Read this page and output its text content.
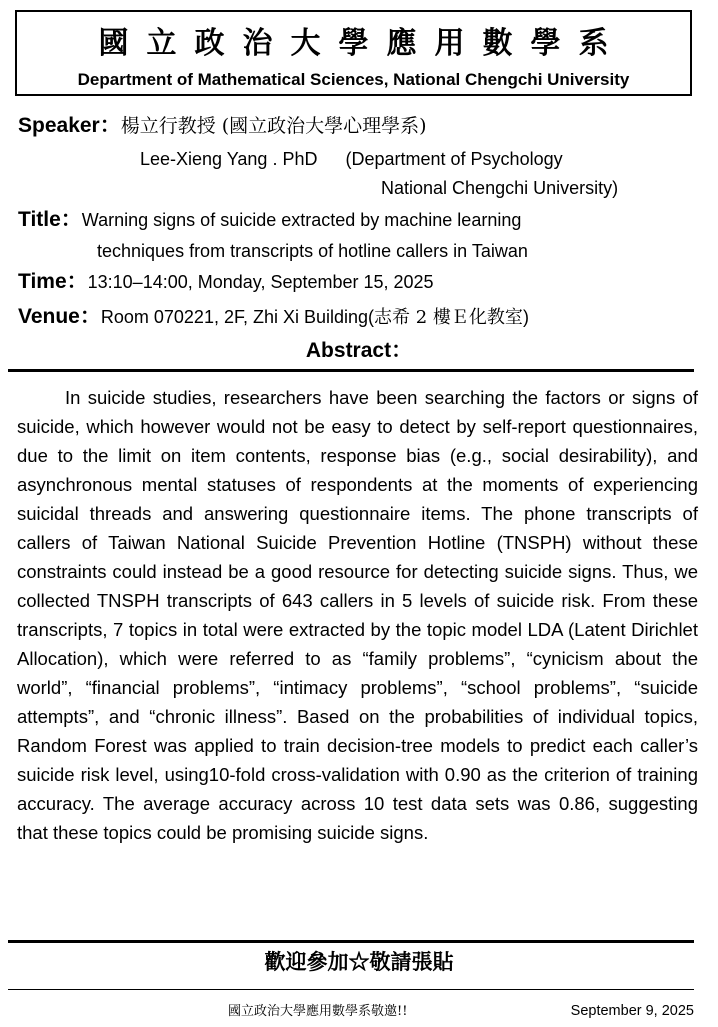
國立政治大學應用數學系
Department of Mathematical Sciences, National Chengchi University
Speaker：楊立行教授 (國立政治大學心理學系)
Lee-Xieng Yang . PhD (Department of Psychology
National Chengchi University)
Title：Warning signs of suicide extracted by machine learning
techniques from transcripts of hotline callers in Taiwan
Time：13:10–14:00, Monday, September 15, 2025
Venue：Room 070221, 2F, Zhi Xi Building(志希 2 樓Ｅ化教室)
Abstract：

In suicide studies, researchers have been searching the factors or signs of suicide, which however would not be easy to detect by self-report questionnaires, due to the limit on item contents, response bias (e.g., social desirability), and asynchronous mental statuses of respondents at the moments of experiencing suicidal threads and answering questionnaire items. The phone transcripts of callers of Taiwan National Suicide Prevention Hotline (TNSPH) without these constraints could instead be a good resource for detecting suicide signs. Thus, we collected TNSPH transcripts of 643 callers in 5 levels of suicide risk. From these transcripts, 7 topics in total were extracted by the topic model LDA (Latent Dirichlet Allocation), which were referred to as “family problems”, “cynicism about the world”, “financial problems”, “intimacy problems”, “school problems”, “suicide attempts”, and “chronic illness”. Based on the probabilities of individual topics, Random Forest was applied to train decision-tree models to predict each caller’s suicide risk level, using10-fold cross-validation with 0.90 as the criterion of training accuracy. The average accuracy across 10 test data sets was 0.86, suggesting that these topics could be promising suicide signs.

歡迎參加☆敬請張貼
國立政治大學應用數學系敬邀!!	September 9, 2025
